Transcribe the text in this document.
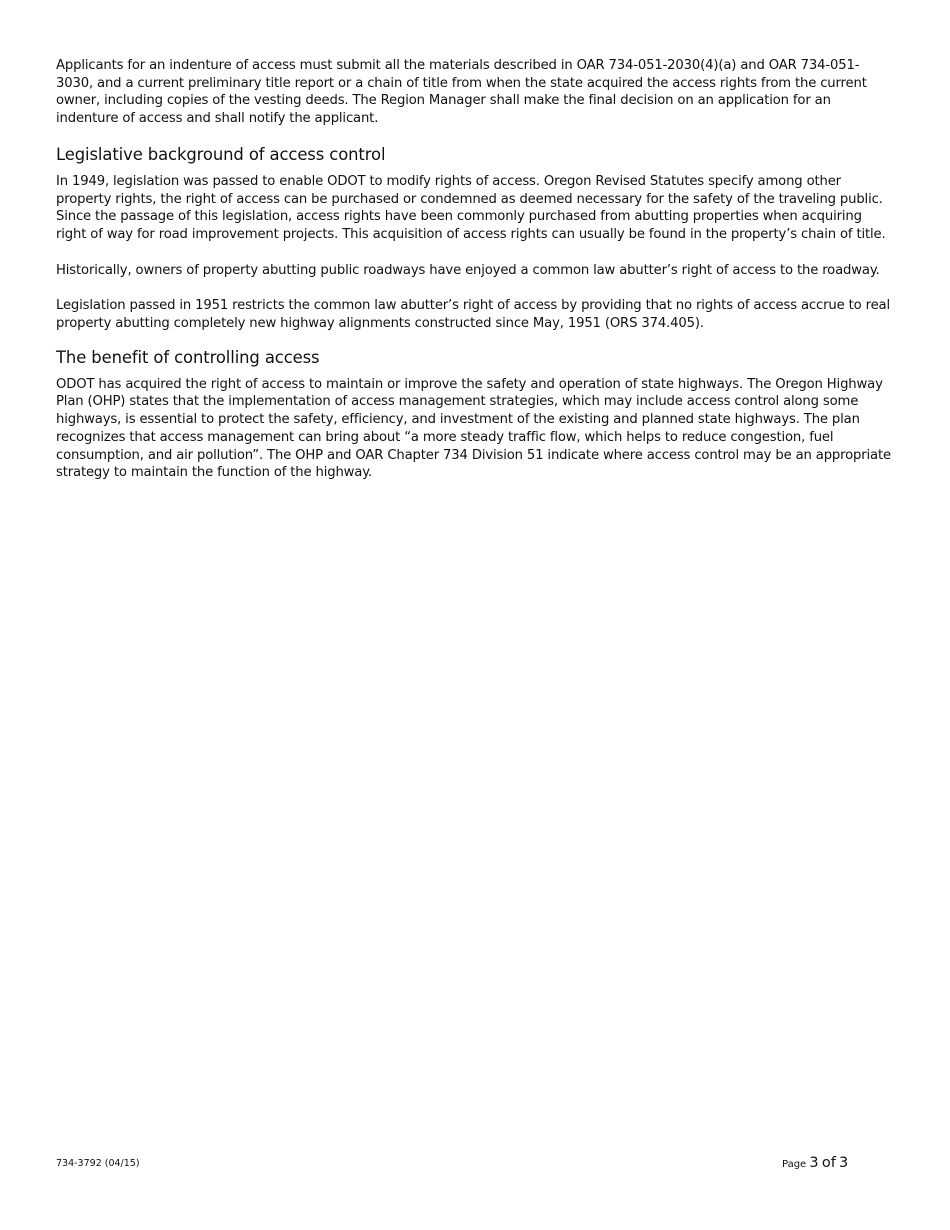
Applicants for an indenture of access must submit all the materials described in OAR 734-051-2030(4)(a) and OAR 734-051-3030, and a current preliminary title report or a chain of title from when the state acquired the access rights from the current owner, including copies of the vesting deeds. The Region Manager shall make the final decision on an application for an indenture of access and shall notify the applicant.

Legislative background of access control

In 1949, legislation was passed to enable ODOT to modify rights of access. Oregon Revised Statutes specify among other property rights, the right of access can be purchased or condemned as deemed necessary for the safety of the traveling public. Since the passage of this legislation, access rights have been commonly purchased from abutting properties when acquiring right of way for road improvement projects. This acquisition of access rights can usually be found in the property’s chain of title.

Historically, owners of property abutting public roadways have enjoyed a common law abutter’s right of access to the roadway.

Legislation passed in 1951 restricts the common law abutter’s right of access by providing that no rights of access accrue to real property abutting completely new highway alignments constructed since May, 1951 (ORS 374.405).

The benefit of controlling access

ODOT has acquired the right of access to maintain or improve the safety and operation of state highways. The Oregon Highway Plan (OHP) states that the implementation of access management strategies, which may include access control along some highways, is essential to protect the safety, efficiency, and investment of the existing and planned state highways. The plan recognizes that access management can bring about “a more steady traffic flow, which helps to reduce congestion, fuel consumption, and air pollution”. The OHP and OAR Chapter 734 Division 51 indicate where access control may be an appropriate strategy to maintain the function of the highway.

734-3792 (04/15)	Page 3 of 3
